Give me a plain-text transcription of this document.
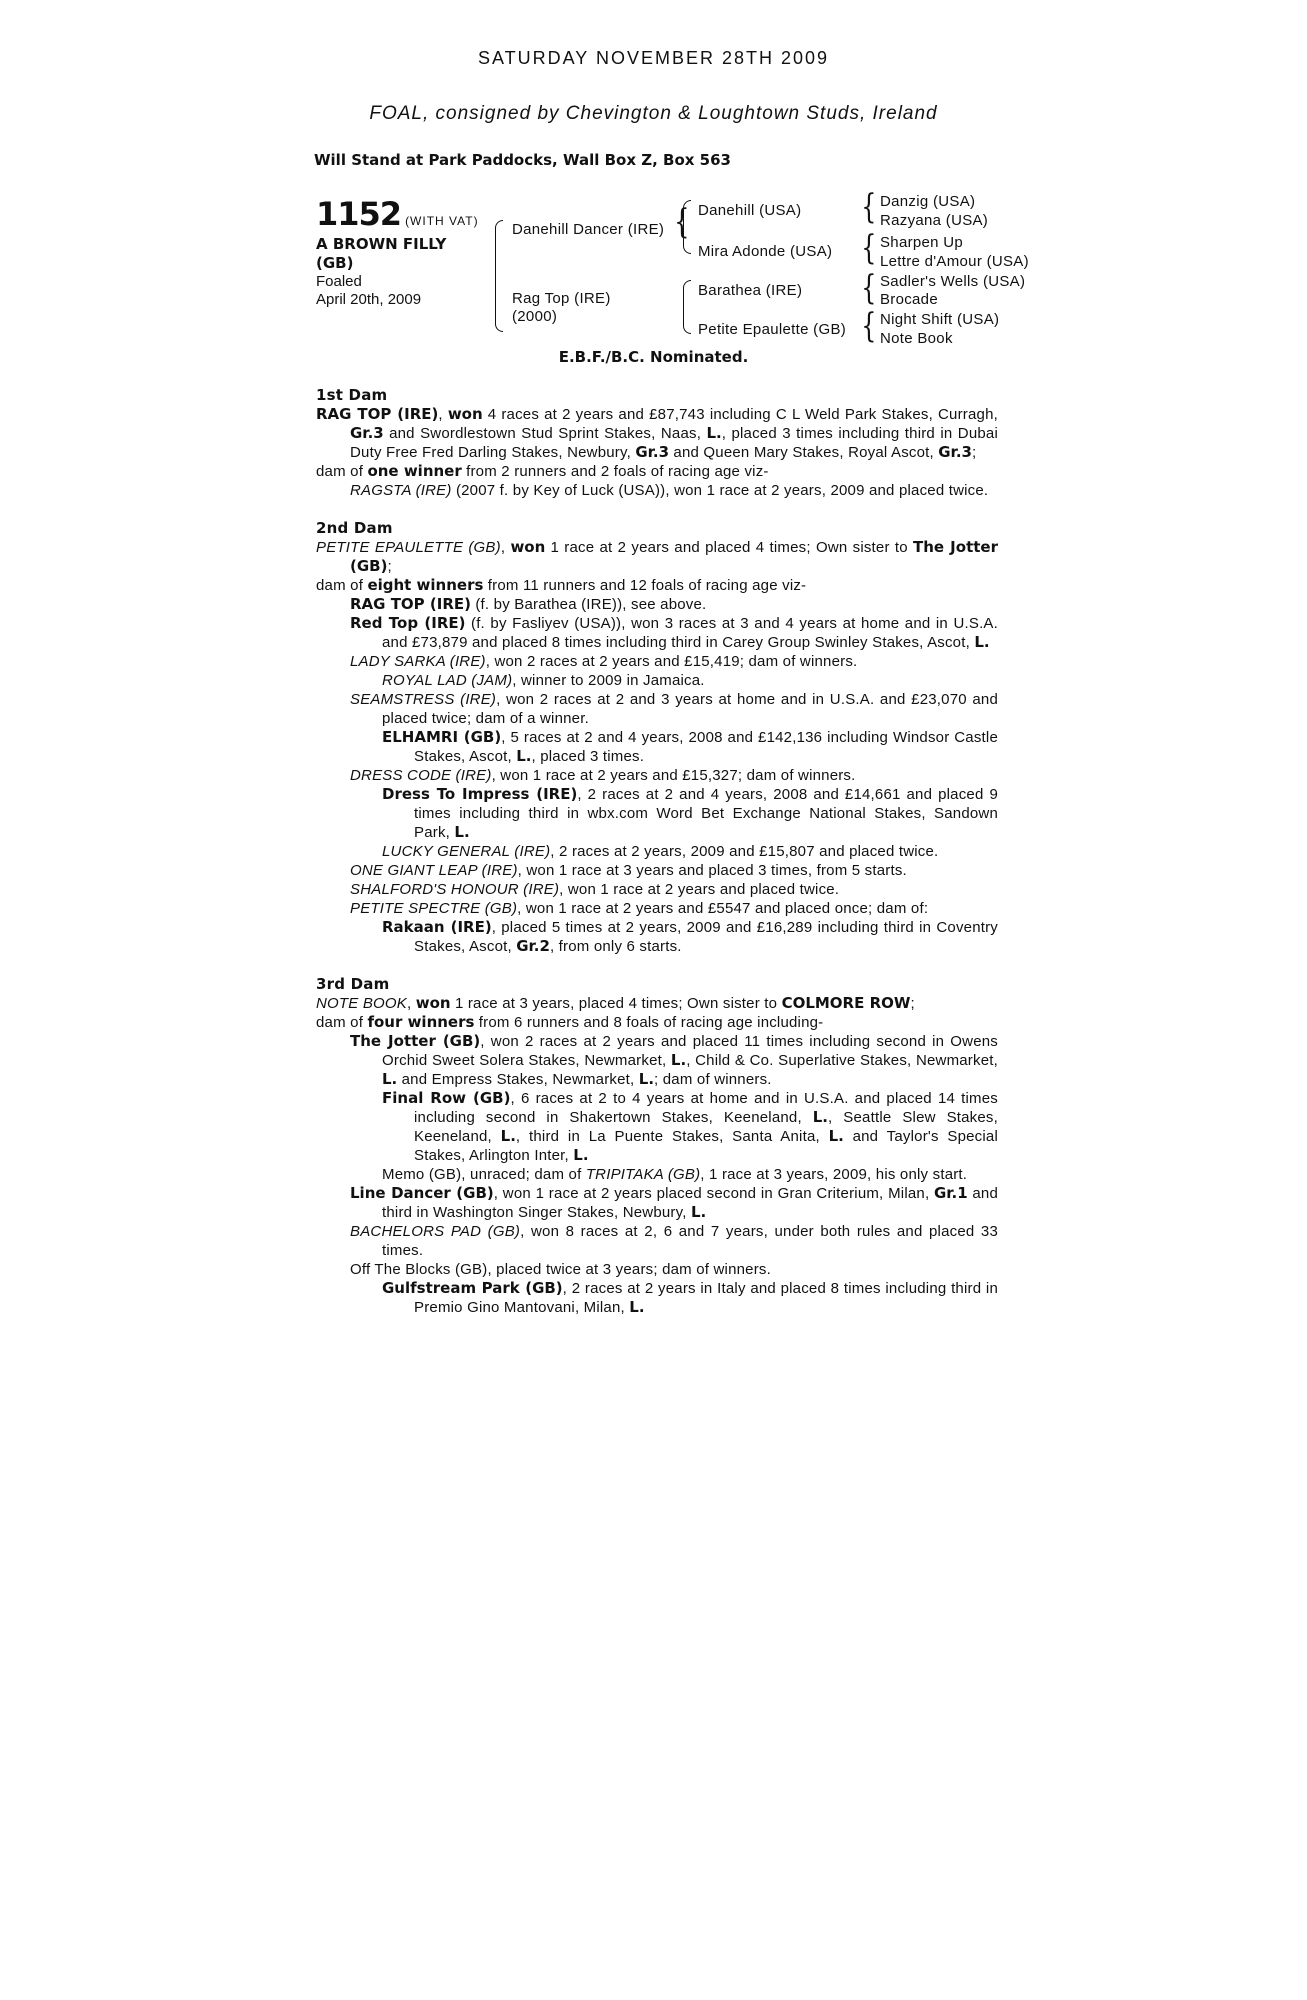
SATURDAY NOVEMBER 28TH 2009
FOAL, consigned by Chevington & Loughtown Studs, Ireland
Will Stand at Park Paddocks, Wall Box Z, Box 563
1152 (WITH VAT)
A BROWN FILLY
(GB)
Foaled
April 20th, 2009
Danehill Dancer (IRE) {
Rag Top (IRE)
(2000)
Danehill (USA)
Mira Adonde (USA)
Barathea (IRE)
Petite Epaulette (GB)
{ Danzig (USA)
Razyana (USA)
{ Sharpen Up
Lettre d'Amour (USA)
{ Sadler's Wells (USA)
Brocade
{ Night Shift (USA)
Note Book
E.B.F./B.C. Nominated.
1st Dam
RAG TOP (IRE), won 4 races at 2 years and £87,743 including C L Weld Park Stakes, Curragh, Gr.3 and Swordlestown Stud Sprint Stakes, Naas, L., placed 3 times including third in Dubai Duty Free Fred Darling Stakes, Newbury, Gr.3 and Queen Mary Stakes, Royal Ascot, Gr.3;
dam of one winner from 2 runners and 2 foals of racing age viz-
RAGSTA (IRE) (2007 f. by Key of Luck (USA)), won 1 race at 2 years, 2009 and placed twice.
2nd Dam
PETITE EPAULETTE (GB), won 1 race at 2 years and placed 4 times; Own sister to The Jotter (GB);
dam of eight winners from 11 runners and 12 foals of racing age viz-
RAG TOP (IRE) (f. by Barathea (IRE)), see above.
Red Top (IRE) (f. by Fasliyev (USA)), won 3 races at 3 and 4 years at home and in U.S.A. and £73,879 and placed 8 times including third in Carey Group Swinley Stakes, Ascot, L.
LADY SARKA (IRE), won 2 races at 2 years and £15,419; dam of winners.
ROYAL LAD (JAM), winner to 2009 in Jamaica.
SEAMSTRESS (IRE), won 2 races at 2 and 3 years at home and in U.S.A. and £23,070 and placed twice; dam of a winner.
ELHAMRI (GB), 5 races at 2 and 4 years, 2008 and £142,136 including Windsor Castle Stakes, Ascot, L., placed 3 times.
DRESS CODE (IRE), won 1 race at 2 years and £15,327; dam of winners.
Dress To Impress (IRE), 2 races at 2 and 4 years, 2008 and £14,661 and placed 9 times including third in wbx.com Word Bet Exchange National Stakes, Sandown Park, L.
LUCKY GENERAL (IRE), 2 races at 2 years, 2009 and £15,807 and placed twice.
ONE GIANT LEAP (IRE), won 1 race at 3 years and placed 3 times, from 5 starts.
SHALFORD'S HONOUR (IRE), won 1 race at 2 years and placed twice.
PETITE SPECTRE (GB), won 1 race at 2 years and £5547 and placed once; dam of:
Rakaan (IRE), placed 5 times at 2 years, 2009 and £16,289 including third in Coventry Stakes, Ascot, Gr.2, from only 6 starts.
3rd Dam
NOTE BOOK, won 1 race at 3 years, placed 4 times; Own sister to COLMORE ROW;
dam of four winners from 6 runners and 8 foals of racing age including-
The Jotter (GB), won 2 races at 2 years and placed 11 times including second in Owens Orchid Sweet Solera Stakes, Newmarket, L., Child & Co. Superlative Stakes, Newmarket, L. and Empress Stakes, Newmarket, L.; dam of winners.
Final Row (GB), 6 races at 2 to 4 years at home and in U.S.A. and placed 14 times including second in Shakertown Stakes, Keeneland, L., Seattle Slew Stakes, Keeneland, L., third in La Puente Stakes, Santa Anita, L. and Taylor's Special Stakes, Arlington Inter, L.
Memo (GB), unraced; dam of TRIPITAKA (GB), 1 race at 3 years, 2009, his only start.
Line Dancer (GB), won 1 race at 2 years placed second in Gran Criterium, Milan, Gr.1 and third in Washington Singer Stakes, Newbury, L.
BACHELORS PAD (GB), won 8 races at 2, 6 and 7 years, under both rules and placed 33 times.
Off The Blocks (GB), placed twice at 3 years; dam of winners.
Gulfstream Park (GB), 2 races at 2 years in Italy and placed 8 times including third in Premio Gino Mantovani, Milan, L.
